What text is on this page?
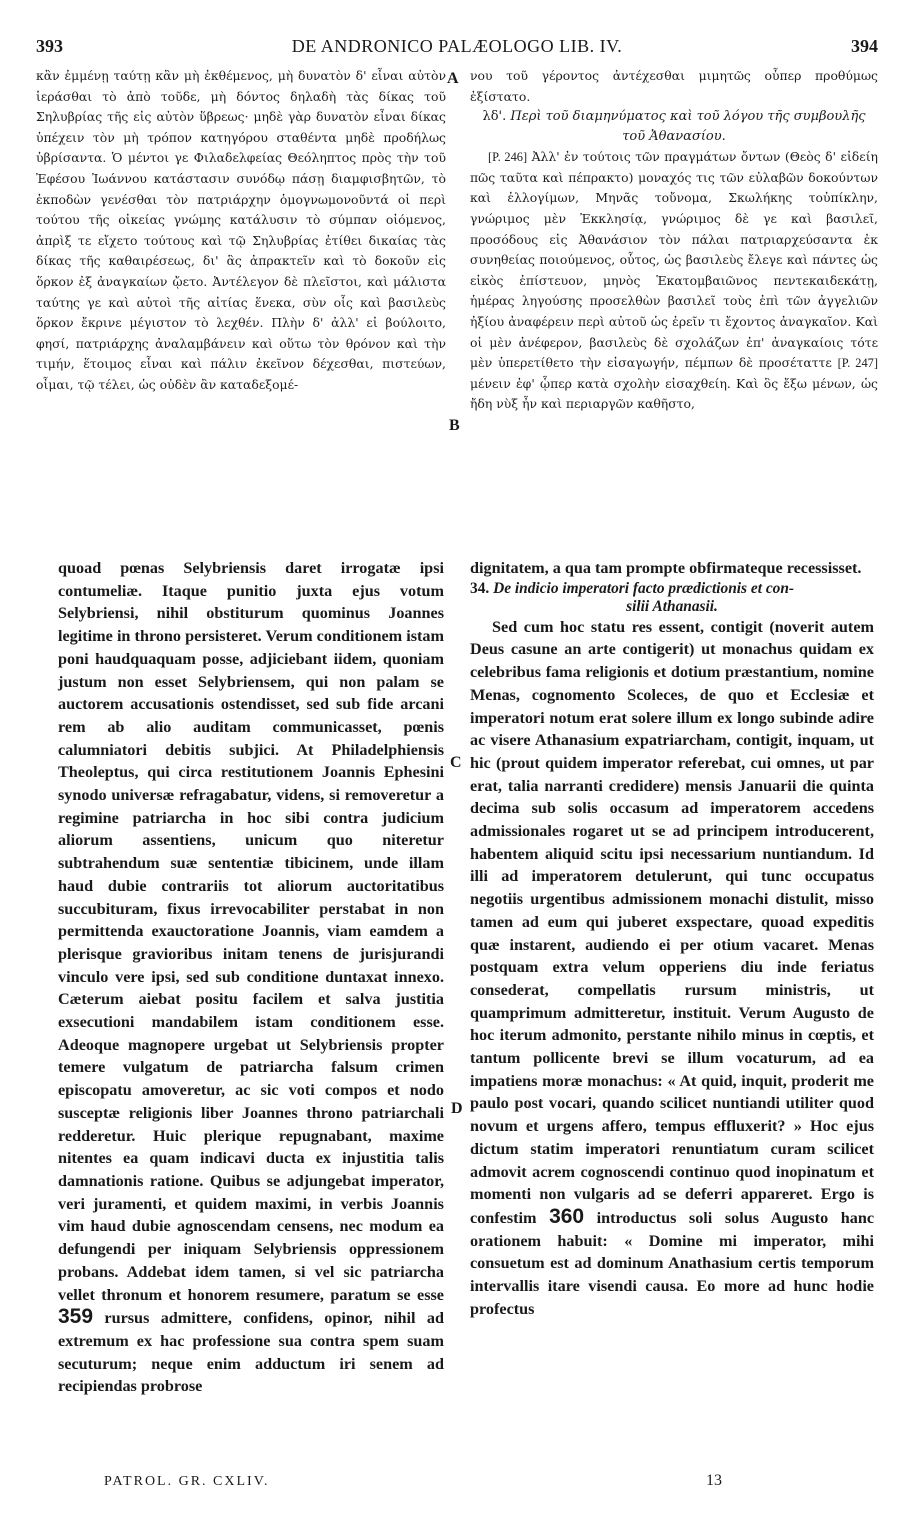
393	DE ANDRONICO PALÆOLOGO LIB. IV.	394

κἂν ἐμμένῃ ταύτῃ κἂν μὴ ἐκθέμενος, μὴ δυνατὸν δ' εἶναι αὐτὸν ἱεράσθαι τὸ ἀπὸ τοῦδε, μὴ δόντος δηλαδὴ τὰς δίκας τοῦ Σηλυβρίας τῆς εἰς αὐτὸν ὕβρεως· μηδὲ γὰρ δυνατὸν εἶναι δίκας ὑπέχειν τὸν μὴ τρόπον κατηγόρου σταθέντα μηδὲ προδήλως ὑβρίσαντα. Ὁ μέντοι γε Φιλαδελφείας Θεόληπτος πρὸς τὴν τοῦ Ἐφέσου Ἰωάννου κατάστασιν συνόδῳ πάσῃ διαμφισβητῶν, τὸ ἐκποδὼν γενέσθαι τὸν πατριάρχην ὁμογνωμονοῦντά οἱ περὶ τούτου τῆς οἰκείας γνώμης κατάλυσιν τὸ σύμπαν οἰόμενος, ἀπρὶξ τε εἴχετο τούτους καὶ τῷ Σηλυβρίας ἐτίθει δικαίας τὰς δίκας τῆς καθαιρέσεως, δι' ἃς ἀπρακτεῖν καὶ τὸ δοκοῦν εἰς ὅρκον ἐξ ἀναγκαίων ᾤετο. Ἀντέλεγον δὲ πλεῖστοι, καὶ μάλιστα ταύτης γε καὶ αὐτοὶ τῆς αἰτίας ἕνεκα, σὺν οἷς καὶ βασιλεὺς ὅρκον ἔκρινε μέγιστον τὸ λεχθέν. Πλὴν δ' ἀλλ' εἰ βούλοιτο, φησί, πατριάρχης ἀναλαμβάνειν καὶ οὕτω τὸν θρόνον καὶ τὴν τιμήν, ἕτοιμος εἶναι καὶ πάλιν ἐκεῖνον δέχεσθαι, πιστεύων, οἶμαι, τῷ τέλει, ὡς οὐδὲν ἂν καταδεξομέ-

A
B
C
D

νου τοῦ γέροντος ἀντέχεσθαι μιμητῶς οὗπερ προθύμως ἐξίστατο.

λδ'. Περὶ τοῦ διαμηνύματος καὶ τοῦ λόγου τῆς συμβουλῆς τοῦ Ἀθανασίου.

[P. 246] Ἀλλ' ἐν τούτοις τῶν πραγμάτων ὄντων (Θεὸς δ' εἰδείη πῶς ταῦτα καὶ πέπρακτο) μοναχός τις τῶν εὐλαβῶν δοκούντων καὶ ἐλλογίμων, Μηνᾶς τοὔνομα, Σκωλήκης τοὐπίκλην, γνώριμος μὲν Ἐκκλησίᾳ, γνώριμος δὲ γε καὶ βασιλεῖ, προσόδους εἰς Ἀθανάσιον τὸν πάλαι πατριαρχεύσαντα ἐκ συνηθείας ποιούμενος, οὗτος, ὡς βασιλεὺς ἔλεγε καὶ πάντες ὡς εἰκὸς ἐπίστευον, μηνὸς Ἑκατομβαιῶνος πεντεκαιδεκάτῃ, ἡμέρας ληγούσης προσελθὼν βασιλεῖ τοὺς ἐπὶ τῶν ἀγγελιῶν ἠξίου ἀναφέρειν περὶ αὐτοῦ ὡς ἐρεῖν τι ἔχοντος ἀναγκαῖον. Καὶ οἱ μὲν ἀνέφερον, βασιλεὺς δὲ σχολάζων ἐπ' ἀναγκαίοις τότε μὲν ὑπερετίθετο τὴν εἰσαγωγήν, πέμπων δὲ προσέταττε [P. 247] μένειν ἐφ' ᾧπερ κατὰ σχολὴν εἰσαχθείη. Καὶ ὃς ἔξω μένων, ὡς ἤδη νὺξ ἦν καὶ περιαργῶν καθῆστο,

quoad pœnas Selybriensis daret irrogatæ ipsi contumeliæ. Itaque punitio juxta ejus votum Selybriensi, nihil obstiturum quominus Joannes legitime in throno persisteret. Verum conditionem istam poni haudquaquam posse, adjiciebant iidem, quoniam justum non esset Selybriensem, qui non palam se auctorem accusationis ostendisset, sed sub fide arcani rem ab alio auditam communicasset, pœnis calumniatori debitis subjici. At Philadelphiensis Theoleptus, qui circa restitutionem Joannis Ephesini synodo universæ refragabatur, videns, si removeretur a regimine patriarcha in hoc sibi contra judicium aliorum assentiens, unicum quo niteretur subtrahendum suæ sententiæ tibicinem, unde illam haud dubie contrariis tot aliorum auctoritatibus succubituram, fixus irrevocabiliter perstabat in non permittenda exauctoratione Joannis, viam eamdem a plerisque gravioribus initam tenens de jurisjurandi vinculo vere ipsi, sed sub conditione duntaxat innexo. Cæterum aiebat positu facilem et salva justitia exsecutioni mandabilem istam conditionem esse. Adeoque magnopere urgebat ut Selybriensis propter temere vulgatum de patriarcha falsum crimen episcopatu amoveretur, ac sic voti compos et nodo susceptæ religionis liber Joannes throno patriarchali redderetur. Huic plerique repugnabant, maxime nitentes ea quam indicavi ducta ex injustitia talis damnationis ratione. Quibus se adjungebat imperator, veri juramenti, et quidem maximi, in verbis Joannis vim haud dubie agnoscendam censens, nec modum ea defungendi per iniquam Selybriensis oppressionem probans. Addebat idem tamen, si vel sic patriarcha vellet thronum et honorem resumere, paratum se esse 359 rursus admittere, confidens, opinor, nihil ad extremum ex hac professione sua contra spem suam secuturum; neque enim adductum iri senem ad recipiendas probrose

dignitatem, a qua tam prompte obfirmateque recessisset.

34. De indicio imperatori facto prædictionis et con-
silii Athanasii.

Sed cum hoc statu res essent, contigit (noverit autem Deus casune an arte contigerit) ut monachus quidam ex celebribus fama religionis et dotium præstantium, nomine Menas, cognomento Scoleces, de quo et Ecclesiæ et imperatori notum erat solere illum ex longo subinde adire ac visere Athanasium expatriarcham, contigit, inquam, ut hic (prout quidem imperator referebat, cui omnes, ut par erat, talia narranti credidere) mensis Januarii die quinta decima sub solis occasum ad imperatorem accedens admissionales rogaret ut se ad principem introducerent, habentem aliquid scitu ipsi necessarium nuntiandum. Id illi ad imperatorem detulerunt, qui tunc occupatus negotiis urgentibus admissionem monachi distulit, misso tamen ad eum qui juberet exspectare, quoad expeditis quæ instarent, audiendo ei per otium vacaret. Menas postquam extra velum opperiens diu inde feriatus consederat, compellatis rursum ministris, ut quamprimum admitteretur, instituit. Verum Augusto de hoc iterum admonito, perstante nihilo minus in cœptis, et tantum pollicente brevi se illum vocaturum, ad ea impatiens moræ monachus: « At quid, inquit, proderit me paulo post vocari, quando scilicet nuntiandi utiliter quod novum et urgens affero, tempus effluxerit? » Hoc ejus dictum statim imperatori renuntiatum curam scilicet admovit acrem cognoscendi continuo quod inopinatum et momenti non vulgaris ad se deferri appareret. Ergo is confestim 360 introductus soli solus Augusto hanc orationem habuit: « Domine mi imperator, mihi consuetum est ad dominum Anathasium certis temporum intervallis itare visendi causa. Eo more ad hunc hodie profectus

PATROL. GR. CXLIV.	13
